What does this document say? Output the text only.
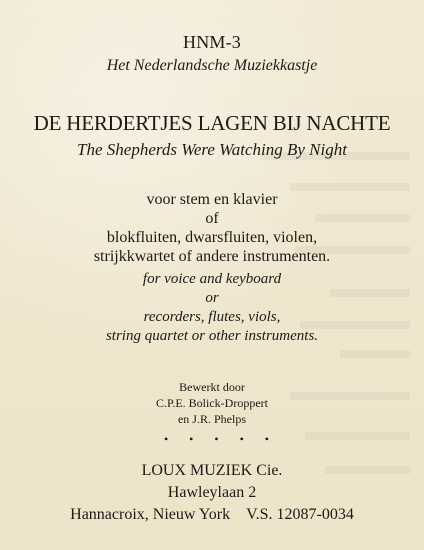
HNM-3
Het Nederlandsche Muziekkastje
DE HERDERTJES LAGEN BIJ NACHTE
The Shepherds Were Watching By Night
voor stem en klavier
of
blokfluiten, dwarsfluiten, violen,
strijkkwartet of andere instrumenten.
for voice and keyboard
or
recorders, flutes, viols,
string quartet or other instruments.
Bewerkt door
C.P.E. Bolick-Droppert
en J.R. Phelps
• • • • •
LOUX MUZIEK Cie.
Hawleylaan 2
Hannacroix, Nieuw York V.S. 12087-0034
